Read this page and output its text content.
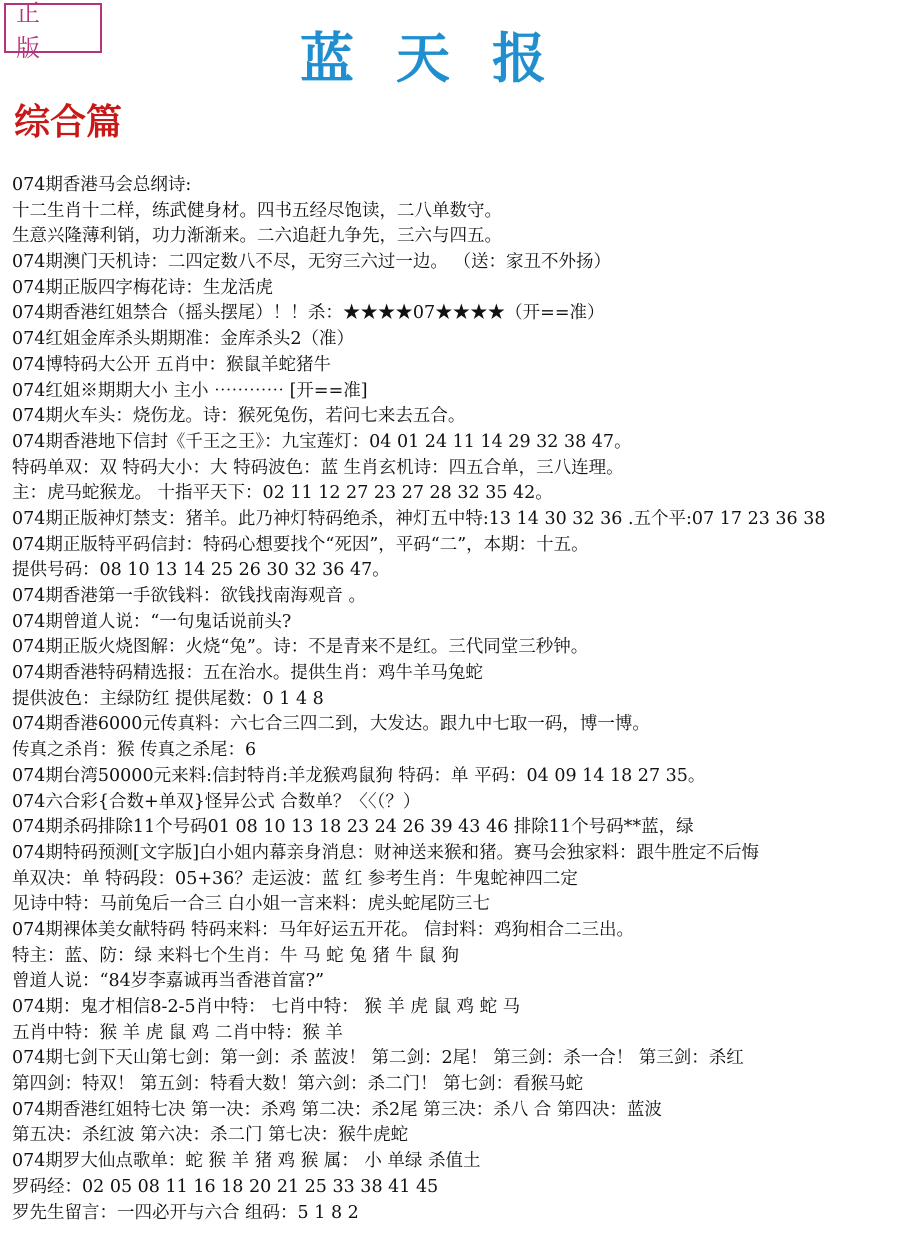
正 版	蓝天报
综合篇
074期香港马会总纲诗:
十二生肖十二样，练武健身材。四书五经尽饱读，二八单数守。
生意兴隆薄利销，功力渐渐来。二六追赶九争先，三六与四五。
074期澳门天机诗：二四定数八不尽，无穷三六过一边。 （送：家丑不外扬）
074期正版四字梅花诗：生龙活虎
074期香港红姐禁合（摇头摆尾）！！杀：★★★★07★★★★（开==准）
074红姐金库杀头期期准：金库杀头2（准）
074博特码大公开 五肖中：猴鼠羊蛇猪牛
074红姐※期期大小 主小 ⋯⋯⋯⋯ [开==准]
074期火车头：烧伤龙。诗：猴死兔伤，若问七来去五合。
074期香港地下信封《千王之王》：九宝莲灯：04 01 24 11 14 29 32 38 47。
特码单双：双 特码大小：大 特码波色：蓝 生肖玄机诗：四五合单，三八连理。
主：虎马蛇猴龙。 十指平天下：02 11 12 27 23 27 28 32 35 42。
074期正版神灯禁支：猪羊。此乃神灯特码绝杀，神灯五中特:13 14 30 32 36 .五个平:07 17 23 36 38
074期正版特平码信封：特码心想要找个“死因”，平码“二”，本期：十五。
提供号码：08 10 13 14 25 26 30 32 36 47。
074期香港第一手欲钱料：欲钱找南海观音 。
074期曾道人说：“一句鬼话说前头?
074期正版火烧图解：火烧“兔”。诗：不是青来不是红。三代同堂三秒钟。
074期香港特码精选报：五在治水。提供生肖：鸡牛羊马兔蛇
提供波色：主绿防红 提供尾数：0 1 4 8
074期香港6000元传真料：六七合三四二到，大发达。跟九中七取一码，博一博。
传真之杀肖：猴 传真之杀尾：6
074期台湾50000元来料:信封特肖:羊龙猴鸡鼠狗 特码：单 平码：04 09 14 18 27 35。
074六合彩{合数+单双}怪异公式 合数单？〈〈（？）
074期杀码排除11个号码01 08 10 13 18 23 24 26 39 43 46 排除11个号码**蓝，绿
074期特码预测[文字版]白小姐内幕亲身消息：财神送来猴和猪。赛马会独家料：跟牛胜定不后悔
单双决：单 特码段：05+36？走运波：蓝 红 参考生肖：牛鬼蛇神四二定
见诗中特：马前兔后一合三 白小姐一言来料：虎头蛇尾防三七
074期裸体美女献特码 特码来料：马年好运五开花。 信封料：鸡狗相合二三出。
特主：蓝、防：绿 来料七个生肖：牛 马 蛇 兔 猪 牛 鼠 狗
曾道人说：“84岁李嘉诚再当香港首富?”
074期：鬼才相信8-2-5肖中特： 七肖中特： 猴 羊 虎 鼠 鸡 蛇 马
五肖中特：猴 羊 虎 鼠 鸡 二肖中特：猴 羊
074期七剑下天山第七剑：第一剑：杀 蓝波！ 第二剑：2尾！ 第三剑：杀一合！ 第三剑：杀红
第四剑：特双！ 第五剑：特看大数！第六剑：杀二门！ 第七剑：看猴马蛇
074期香港红姐特七决 第一决：杀鸡 第二决：杀2尾 第三决：杀八 合 第四决：蓝波
第五决：杀红波 第六决：杀二门 第七决：猴牛虎蛇
074期罗大仙点歌单：蛇 猴 羊 猪 鸡 猴 属： 小 单绿 杀值土
罗码经：02 05 08 11 16 18 20 21 25 33 38 41 45
罗先生留言：一四必开与六合 组码：5 1 8 2
